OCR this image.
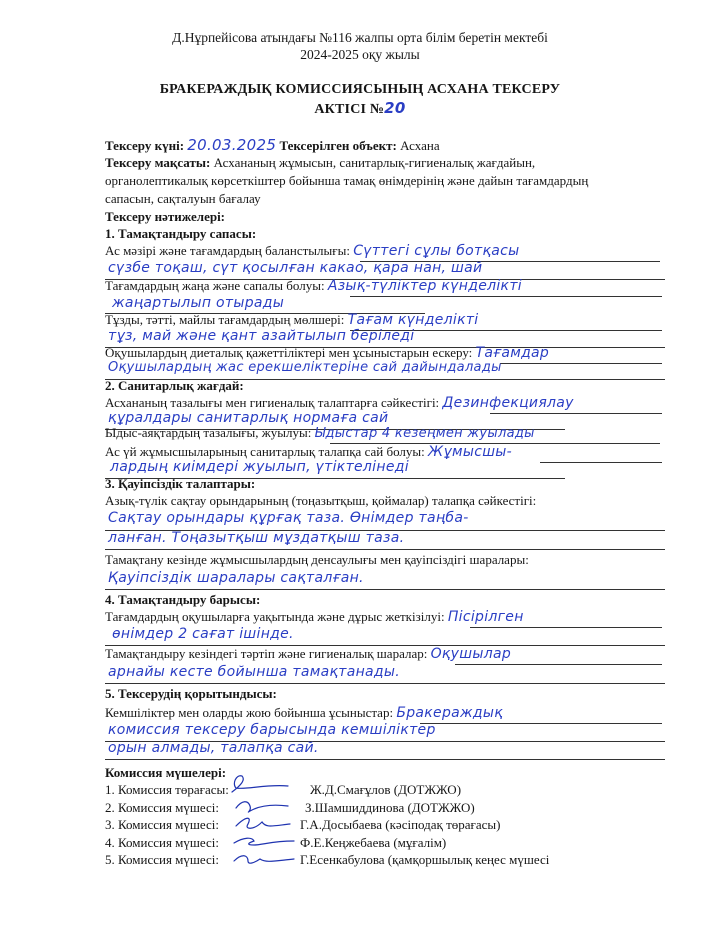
Д.Нұрпейісова атындағы №116 жалпы орта білім беретін мектебі
2024-2025 оқу жылы
БРАКЕРАЖДЫҚ КОМИССИЯСЫНЫҢ АСХАНА ТЕКСЕРУ
АКТІСІ №20
Тексеру күні: 20.03.2025 Тексерілген объект: Асхана
Тексеру мақсаты: Асхананың жұмысын, санитарлық-гигиеналық жағдайын,
органолептикалық көрсеткіштер бойынша тамақ өнімдерінің және дайын тағамдардың
сапасын, сақталуын бағалау
Тексеру нәтижелері:
1. Тамақтандыру сапасы:
Ас мәзірі және тағамдардың баланстылығы: Сүттегі сұлы ботқасы
сүзбе тоқаш, сүт қосылған какао, қара нан, шай
Тағамдардың жаңа және сапалы болуы: Азық-түліктер күнделікті
жаңартылып отырады
Тұзды, тәтті, майлы тағамдардың мөлшері: Тағам күнделікті
тұз, май және қант азайтылып беріледі
Оқушылардың диеталық қажеттіліктері мен ұсыныстарын ескеру: Тағамдар
Оқушылардың жас ерекшеліктеріне сай дайындалады
2. Санитарлық жағдай:
Асхананың тазалығы мен гигиеналық талаптарға сәйкестігі: Дезинфекциялау
құралдары санитарлық нормаға сай
Ыдыс-аяқтардың тазалығы, жуылуы: Ыдыстар 4 кезеңмен жуылады
Ас үй жұмысшыларының санитарлық талапқа сай болуы: Жұмысшы-
лардың киімдері жуылып, үтіктелінеді
3. Қауіпсіздік талаптары:
Азық-түлік сақтау орындарының (тоңазытқыш, қоймалар) талапқа сәйкестігі:
Сақтау орындары құрғақ таза. Өнімдер таңба-
ланған. Тоңазытқыш мұздатқыш таза.
Тамақтану кезінде жұмысшылардың денсаулығы мен қауіпсіздігі шаралары:
Қауіпсіздік шаралары сақталған.
4. Тамақтандыру барысы:
Тағамдардың оқушыларға уақытында және дұрыс жеткізілуі: Пісірілген
өнімдер 2 сағат ішінде.
Тамақтандыру кезіндегі тәртіп және гигиеналық шаралар: Оқушылар
арнайы кесте бойынша тамақтанады.
5. Тексерудің қорытындысы:
Кемшіліктер мен оларды жою бойынша ұсыныстар: Бракераждық
комиссия тексеру барысында кемшіліктер
орын алмады, талапқа сай.
Комиссия мүшелері:
1. Комиссия төрағасы:	Ж.Д.Смағұлов (ДОТЖЖО)
2. Комиссия мүшесі:	З.Шамшиддинова (ДОТЖЖО)
3. Комиссия мүшесі:	Г.А.Досыбаева (кәсіподақ төрағасы)
4. Комиссия мүшесі:	Ф.Е.Кеңжебаева (мұғалім)
5. Комиссия мүшесі:	Г.Есенкабулова (қамқоршылық кеңес мүшесі
